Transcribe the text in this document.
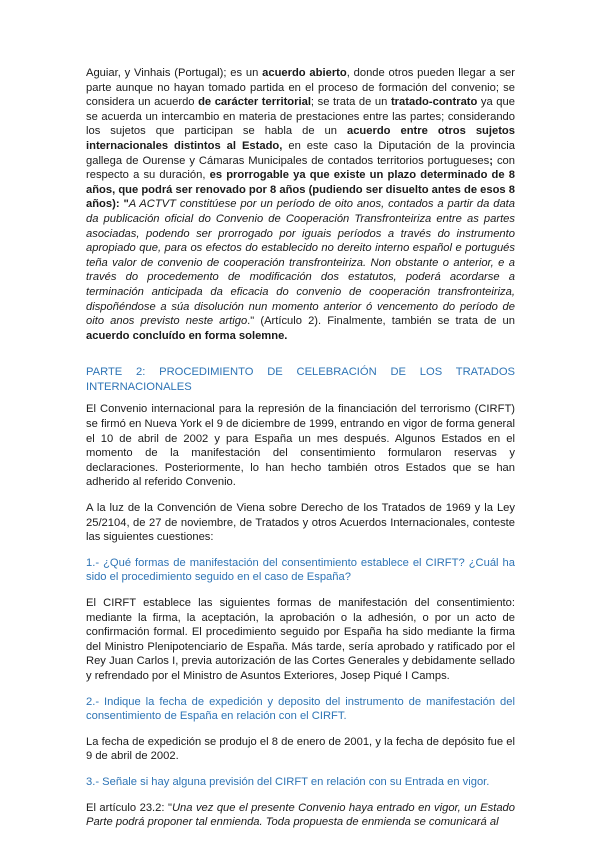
Aguiar, y Vinhais (Portugal); es un acuerdo abierto, donde otros pueden llegar a ser parte aunque no hayan tomado partida en el proceso de formación del convenio; se considera un acuerdo de carácter territorial; se trata de un tratado-contrato ya que se acuerda un intercambio en materia de prestaciones entre las partes; considerando los sujetos que participan se habla de un acuerdo entre otros sujetos internacionales distintos al Estado, en este caso la Diputación de la provincia gallega de Ourense y Cámaras Municipales de contados territorios portugueses; con respecto a su duración, es prorrogable ya que existe un plazo determinado de 8 años, que podrá ser renovado por 8 años (pudiendo ser disuelto antes de esos 8 años): "A ACTVT constitúese por un período de oito anos, contados a partir da data da publicación oficial do Convenio de Cooperación Transfronteiriza entre as partes asociadas, podendo ser prorrogado por iguais períodos a través do instrumento apropiado que, para os efectos do establecido no dereito interno español e portugués teña valor de convenio de cooperación transfronteiriza. Non obstante o anterior, e a través do procedemento de modificación dos estatutos, poderá acordarse a terminación anticipada da eficacia do convenio de cooperación transfronteiriza, dispoñéndose a súa disolución nun momento anterior ó vencemento do período de oito anos previsto neste artigo." (Artículo 2). Finalmente, también se trata de un acuerdo concluído en forma solemne.

PARTE 2: PROCEDIMIENTO DE CELEBRACIÓN DE LOS TRATADOS INTERNACIONALES

El Convenio internacional para la represión de la financiación del terrorismo (CIRFT) se firmó en Nueva York el 9 de diciembre de 1999, entrando en vigor de forma general el 10 de abril de 2002 y para España un mes después. Algunos Estados en el momento de la manifestación del consentimiento formularon reservas y declaraciones. Posteriormente, lo han hecho también otros Estados que se han adherido al referido Convenio.

A la luz de la Convención de Viena sobre Derecho de los Tratados de 1969 y la Ley 25/2104, de 27 de noviembre, de Tratados y otros Acuerdos Internacionales, conteste las siguientes cuestiones:

1.- ¿Qué formas de manifestación del consentimiento establece el CIRFT? ¿Cuál ha sido el procedimiento seguido en el caso de España?

El CIRFT establece las siguientes formas de manifestación del consentimiento: mediante la firma, la aceptación, la aprobación o la adhesión, o por un acto de confirmación formal. El procedimiento seguido por España ha sido mediante la firma del Ministro Plenipotenciario de España. Más tarde, sería aprobado y ratificado por el Rey Juan Carlos I, previa autorización de las Cortes Generales y debidamente sellado y refrendado por el Ministro de Asuntos Exteriores, Josep Piqué I Camps.

2.- Indique la fecha de expedición y deposito del instrumento de manifestación del consentimiento de España en relación con el CIRFT.

La fecha de expedición se produjo el 8 de enero de 2001, y la fecha de depósito fue el 9 de abril de 2002.

3.- Señale si hay alguna previsión del CIRFT en relación con su Entrada en vigor.

El artículo 23.2: "Una vez que el presente Convenio haya entrado en vigor, un Estado Parte podrá proponer tal enmienda. Toda propuesta de enmienda se comunicará al
